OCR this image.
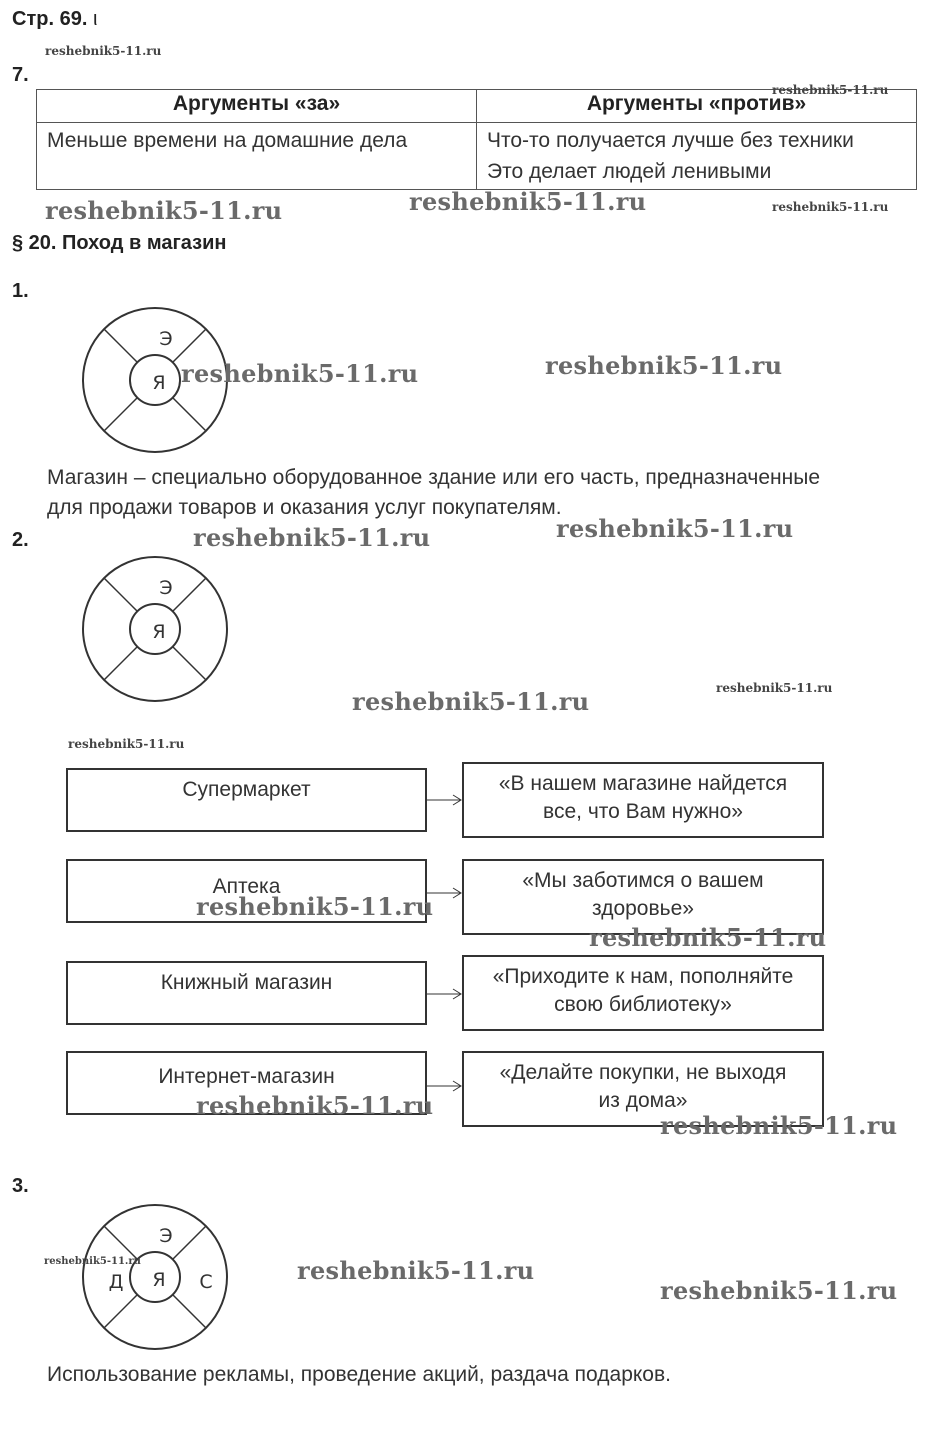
Стр. 69. ι
reshebnik5-11.ru
7.
Аргументы «за»	Аргументы «против»

Меньше времени на домашние дела	Что-то получается лучше без техники
Это делает людей ленивыми
reshebnik5-11.ru
reshebnik5-11.ru	reshebnik5-11.ru	reshebnik5-11.ru
§ 20. Поход в магазин
1.
Э
Я reshebnik5-11.ru	reshebnik5-11.ru
Магазин – специально оборудованное здание или его часть, предназначенные
для продажи товаров и оказания услуг покупателям.
2.	reshebnik5-11.ru	reshebnik5-11.ru
Э
Я
reshebnik5-11.ru
reshebnik5-11.ru
reshebnik5-11.ru
Супермаркет	«В нашем магазине найдется
все, что Вам нужно»
Аптека	«Мы заботимся о вашем
здоровье»
reshebnik5-11.ru
reshebnik5-11.ru
Книжный магазин	«Приходите к нам, пополняйте
свою библиотеку»
Интернет-магазин	«Делайте покупки, не выходя
из дома»
reshebnik5-11.ru
reshebnik5-11.ru
3.
Э
Я
Д	С
reshebnik5-11.ru	reshebnik5-11.ru
reshebnik5-11.ru
Использование рекламы, проведение акций, раздача подарков.
